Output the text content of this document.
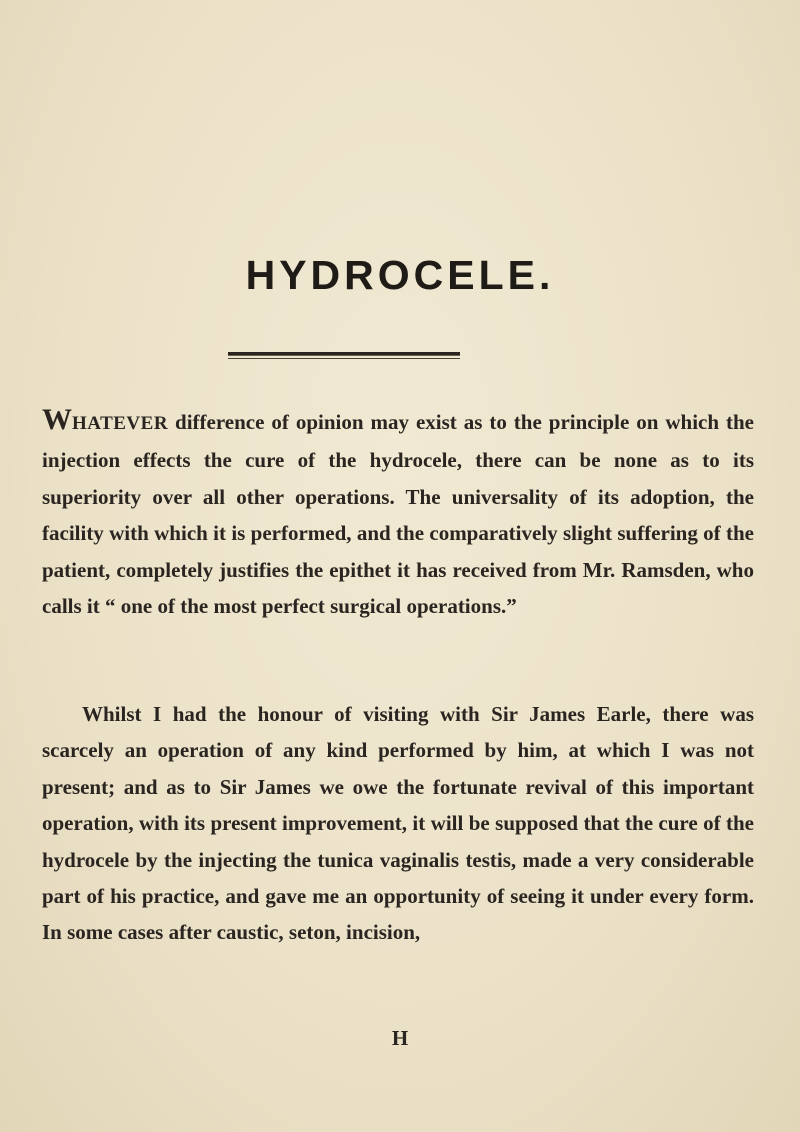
HYDROCELE.

WHATEVER difference of opinion may exist as to the principle on which the injection effects the cure of the hydrocele, there can be none as to its superiority over all other operations. The universality of its adoption, the facility with which it is performed, and the comparatively slight suffering of the patient, completely justifies the epithet it has received from Mr. Ramsden, who calls it “ one of the most perfect surgical operations.”

Whilst I had the honour of visiting with Sir James Earle, there was scarcely an operation of any kind performed by him, at which I was not present; and as to Sir James we owe the fortunate revival of this important operation, with its present improvement, it will be supposed that the cure of the hydrocele by the injecting the tunica vaginalis testis, made a very considerable part of his practice, and gave me an opportunity of seeing it under every form. In some cases after caustic, seton, incision,

H
